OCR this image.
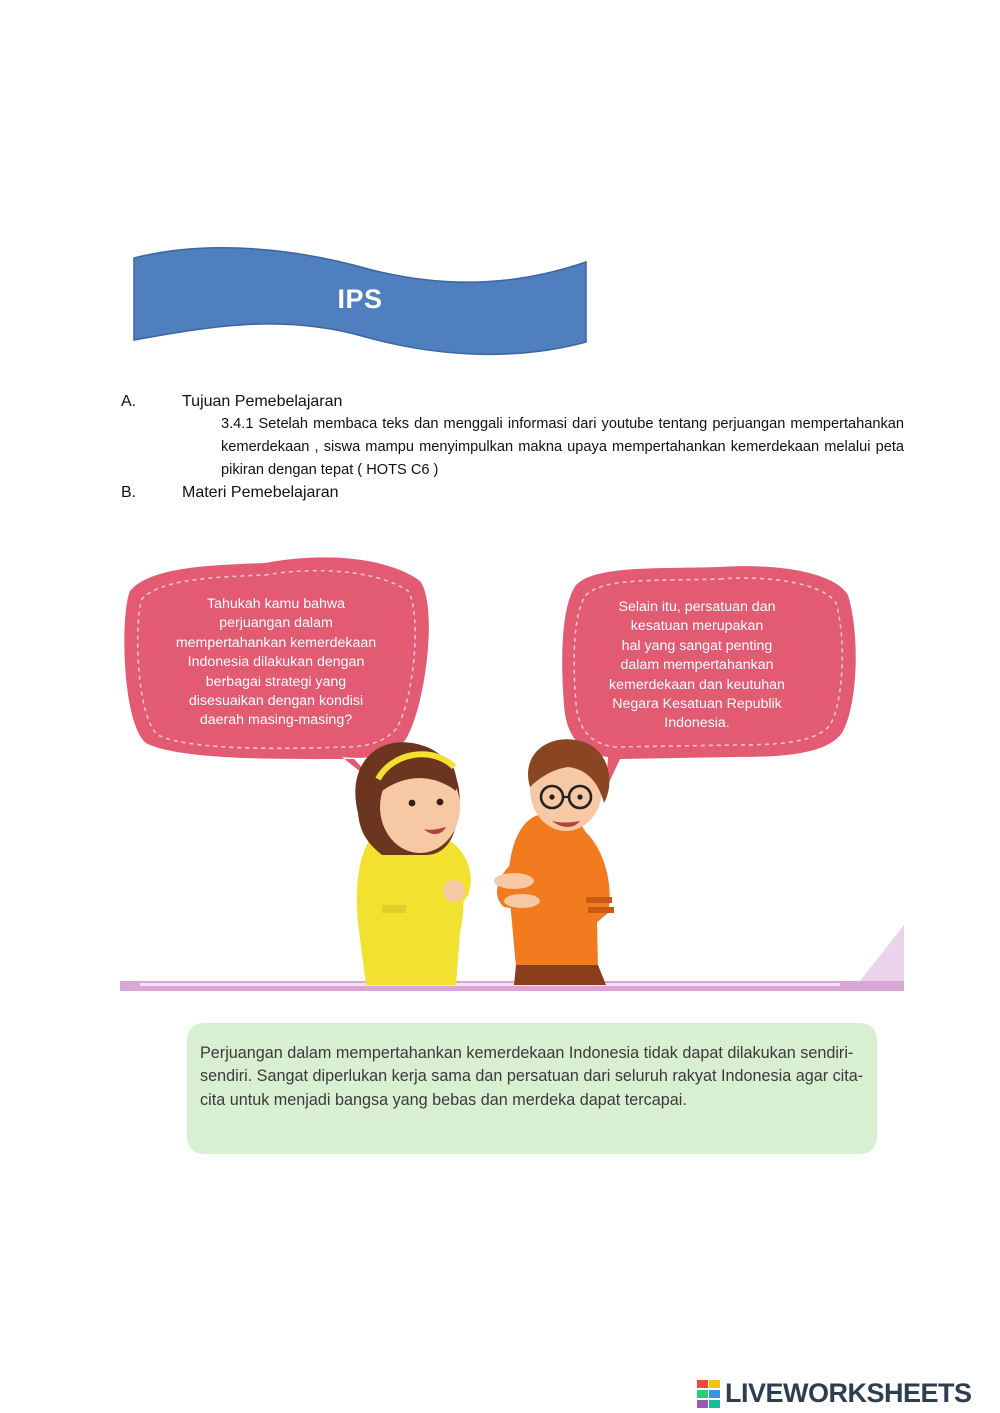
IPS
A.	Tujuan Pemebelajaran
3.4.1 Setelah membaca teks dan menggali informasi dari youtube tentang perjuangan mempertahankan kemerdekaan , siswa mampu menyimpulkan makna upaya mempertahankan kemerdekaan melalui peta pikiran dengan tepat ( HOTS C6 )
B.	Materi Pemebelajaran
Tahukah kamu bahwa
perjuangan dalam
mempertahankan kemerdekaan
Indonesia dilakukan dengan
berbagai strategi yang
disesuaikan dengan kondisi
daerah masing-masing?
Selain itu, persatuan dan
kesatuan merupakan
hal yang sangat penting
dalam mempertahankan
kemerdekaan dan keutuhan
Negara Kesatuan Republik
Indonesia.
Perjuangan dalam mempertahankan kemerdekaan Indonesia tidak dapat dilakukan sendiri-sendiri. Sangat diperlukan kerja sama dan persatuan dari seluruh rakyat Indonesia agar cita-cita untuk menjadi bangsa yang bebas dan merdeka dapat tercapai.
LIVEWORKSHEETS
